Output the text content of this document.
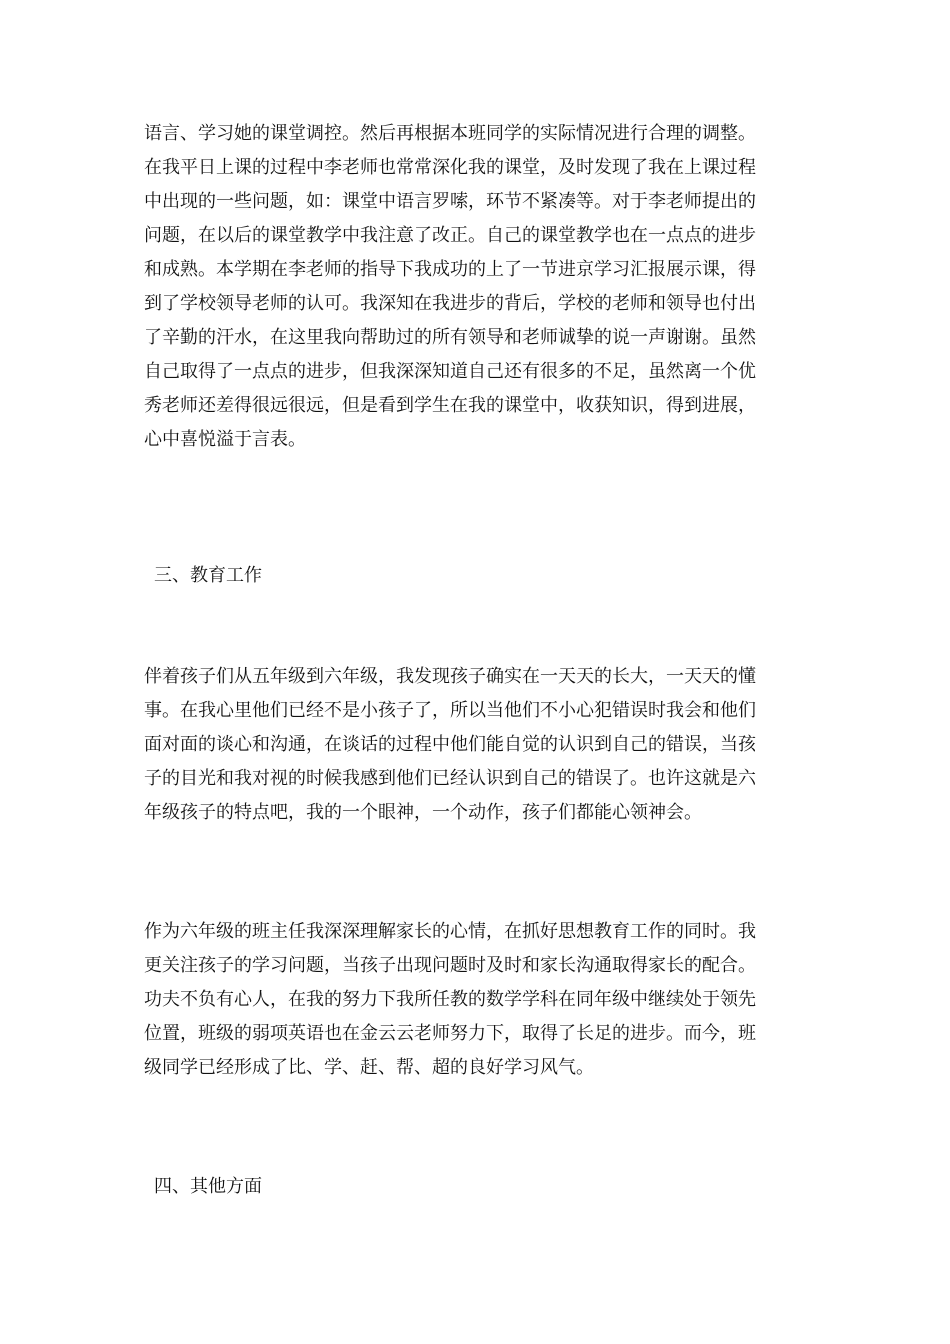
语言、学习她的课堂调控。然后再根据本班同学的实际情况进行合理的调整。
在我平日上课的过程中李老师也常常深化我的课堂，及时发现了我在上课过程
中出现的一些问题，如：课堂中语言罗嗦，环节不紧凑等。对于李老师提出的
问题，在以后的课堂教学中我注意了改正。自己的课堂教学也在一点点的进步
和成熟。本学期在李老师的指导下我成功的上了一节进京学习汇报展示课，得
到了学校领导老师的认可。我深知在我进步的背后，学校的老师和领导也付出
了辛勤的汗水，在这里我向帮助过的所有领导和老师诚挚的说一声谢谢。虽然
自己取得了一点点的进步，但我深深知道自己还有很多的不足，虽然离一个优
秀老师还差得很远很远，但是看到学生在我的课堂中，收获知识，得到进展，
心中喜悦溢于言表。
三、教育工作
伴着孩子们从五年级到六年级，我发现孩子确实在一天天的长大，一天天的懂
事。在我心里他们已经不是小孩子了，所以当他们不小心犯错误时我会和他们
面对面的谈心和沟通，在谈话的过程中他们能自觉的认识到自己的错误，当孩
子的目光和我对视的时候我感到他们已经认识到自己的错误了。也许这就是六
年级孩子的特点吧，我的一个眼神，一个动作，孩子们都能心领神会。
作为六年级的班主任我深深理解家长的心情，在抓好思想教育工作的同时。我
更关注孩子的学习问题，当孩子出现问题时及时和家长沟通取得家长的配合。
功夫不负有心人，在我的努力下我所任教的数学学科在同年级中继续处于领先
位置，班级的弱项英语也在金云云老师努力下，取得了长足的进步。而今，班
级同学已经形成了比、学、赶、帮、超的良好学习风气。
四、其他方面
